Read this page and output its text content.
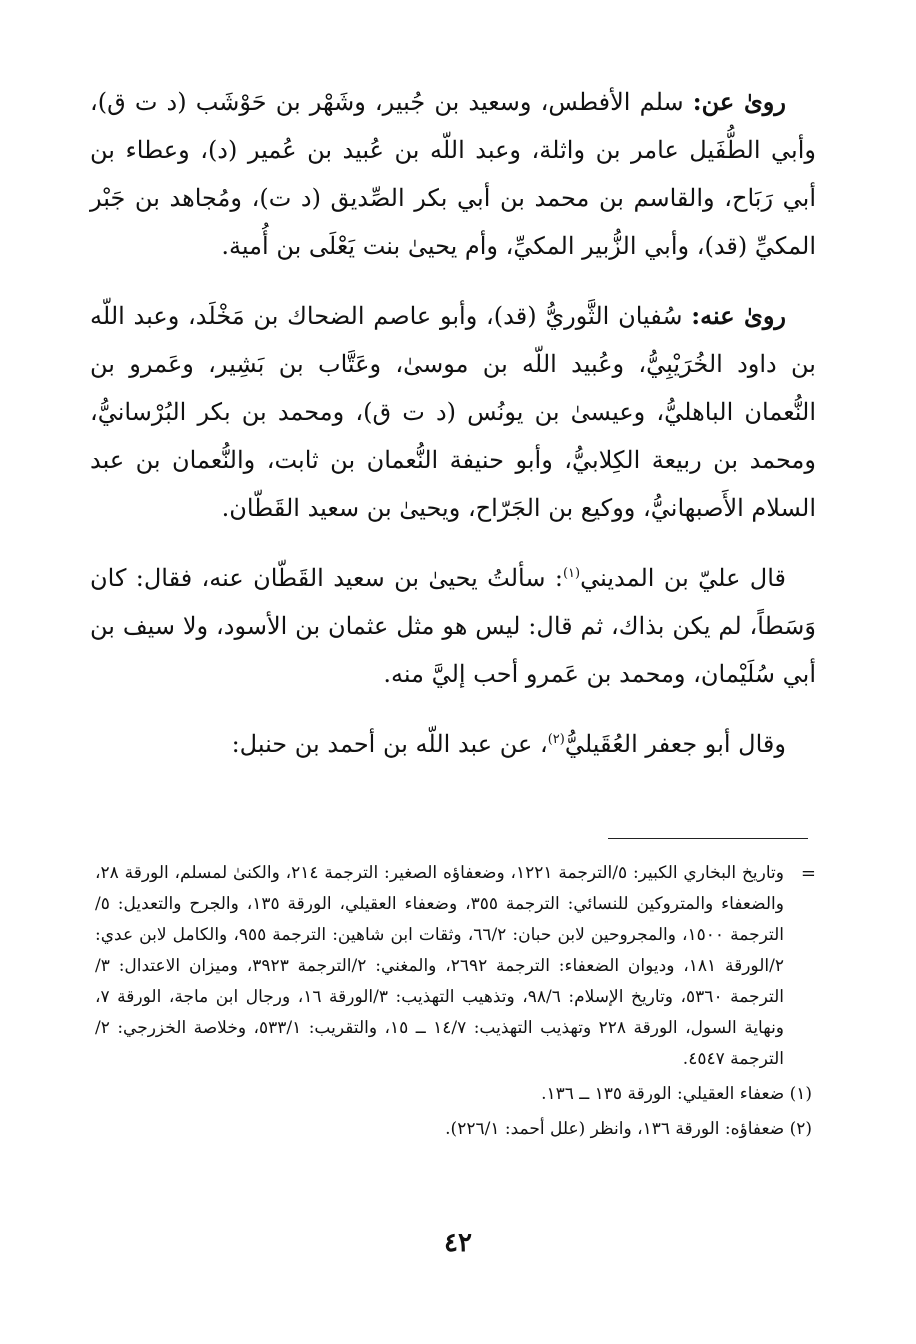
رویٰ عن: سلم الأفطس، وسعيد بن جُبير، وشَهْر بن حَوْشَب (د ت ق)، وأبي الطُّفَيل عامر بن واثلة، وعبد اللّه بن عُبيد بن عُمير (د)، وعطاء بن أبي رَبَاح، والقاسم بن محمد بن أبي بكر الصِّديق (د ت)، ومُجاهد بن جَبْر المكيِّ (قد)، وأبي الزُّبير المكيِّ، وأم يحيىٰ بنت يَعْلَى بن أُمية.

رویٰ عنه: سُفيان الثَّوريُّ (قد)، وأبو عاصم الضحاك بن مَخْلَد، وعبد اللّه بن داود الخُرَيْبِيُّ، وعُبيد اللّه بن موسىٰ، وعَتَّاب بن بَشِير، وعَمرو بن النُّعمان الباهليُّ، وعيسىٰ بن يونُس (د ت ق)، ومحمد بن بكر البُرْسانيُّ، ومحمد بن ربيعة الكِلابيُّ، وأبو حنيفة النُّعمان بن ثابت، والنُّعمان بن عبد السلام الأَصبهانيُّ، ووكيع بن الجَرّاح، ويحيىٰ بن سعيد القَطّان.

قال عليّ بن المديني$^{(١)}$: سألتُ يحيىٰ بن سعيد القَطّان عنه، فقال: كان وَسَطاً، لم يكن بذاك، ثم قال: ليس هو مثل عثمان بن الأسود، ولا سيف بن أبي سُلَيْمان، ومحمد بن عَمرو أحب إليَّ منه.

وقال أبو جعفر العُقَيليُّ$^{(٢)}$، عن عبد اللّه بن أحمد بن حنبل:

=
وتاريخ البخاري الكبير: ٥/الترجمة ١٢٢١، وضعفاؤه الصغير: الترجمة ٢١٤، والكنىٰ لمسلم، الورقة ٢٨، والضعفاء والمتروكين للنسائي: الترجمة ٣٥٥، وضعفاء العقيلي، الورقة ١٣٥، والجرح والتعديل: ٥/الترجمة ١٥٠٠، والمجروحين لابن حبان: ٦٦/٢، وثقات ابن شاهين: الترجمة ٩٥٥، والكامل لابن عدي: ٢/الورقة ١٨١، وديوان الضعفاء: الترجمة ٢٦٩٢، والمغني: ٢/الترجمة ٣٩٢٣، وميزان الاعتدال: ٣/الترجمة ٥٣٦٠، وتاريخ الإسلام: ٩٨/٦، وتذهيب التهذيب: ٣/الورقة ١٦، ورجال ابن ماجة، الورقة ٧، ونهاية السول، الورقة ٢٢٨ وتهذيب التهذيب: ١٤/٧ ــ ١٥، والتقريب: ٥٣٣/١، وخلاصة الخزرجي: ٢/الترجمة ٤٥٤٧.
(١) ضعفاء العقيلي: الورقة ١٣٥ ــ ١٣٦.
(٢) ضعفاؤه: الورقة ١٣٦، وانظر (علل أحمد: ٢٢٦/١).
٤٢
